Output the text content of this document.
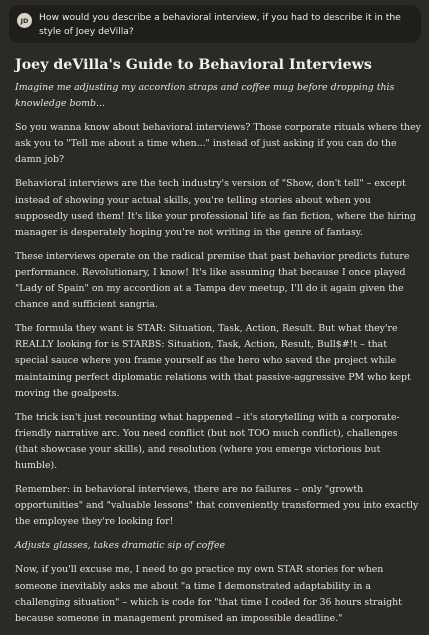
JD	How would you describe a behavioral interview, if you had to describe it in the style of Joey deVilla?
Joey deVilla's Guide to Behavioral Interviews

Imagine me adjusting my accordion straps and coffee mug before dropping this knowledge bomb...

So you wanna know about behavioral interviews? Those corporate rituals where they ask you to "Tell me about a time when..." instead of just asking if you can do the damn job?

Behavioral interviews are the tech industry's version of "Show, don't tell" – except instead of showing your actual skills, you're telling stories about when you supposedly used them! It's like your professional life as fan fiction, where the hiring manager is desperately hoping you're not writing in the genre of fantasy.

These interviews operate on the radical premise that past behavior predicts future performance. Revolutionary, I know! It's like assuming that because I once played "Lady of Spain" on my accordion at a Tampa dev meetup, I'll do it again given the chance and sufficient sangria.

The formula they want is STAR: Situation, Task, Action, Result. But what they're REALLY looking for is STARBS: Situation, Task, Action, Result, Bull$#!t – that special sauce where you frame yourself as the hero who saved the project while maintaining perfect diplomatic relations with that passive-aggressive PM who kept moving the goalposts.

The trick isn't just recounting what happened – it's storytelling with a corporate-friendly narrative arc. You need conflict (but not TOO much conflict), challenges (that showcase your skills), and resolution (where you emerge victorious but humble).

Remember: in behavioral interviews, there are no failures – only "growth opportunities" and "valuable lessons" that conveniently transformed you into exactly the employee they're looking for!

Adjusts glasses, takes dramatic sip of coffee

Now, if you'll excuse me, I need to go practice my own STAR stories for when someone inevitably asks me about "a time I demonstrated adaptability in a challenging situation" – which is code for "that time I coded for 36 hours straight because someone in management promised an impossible deadline."
